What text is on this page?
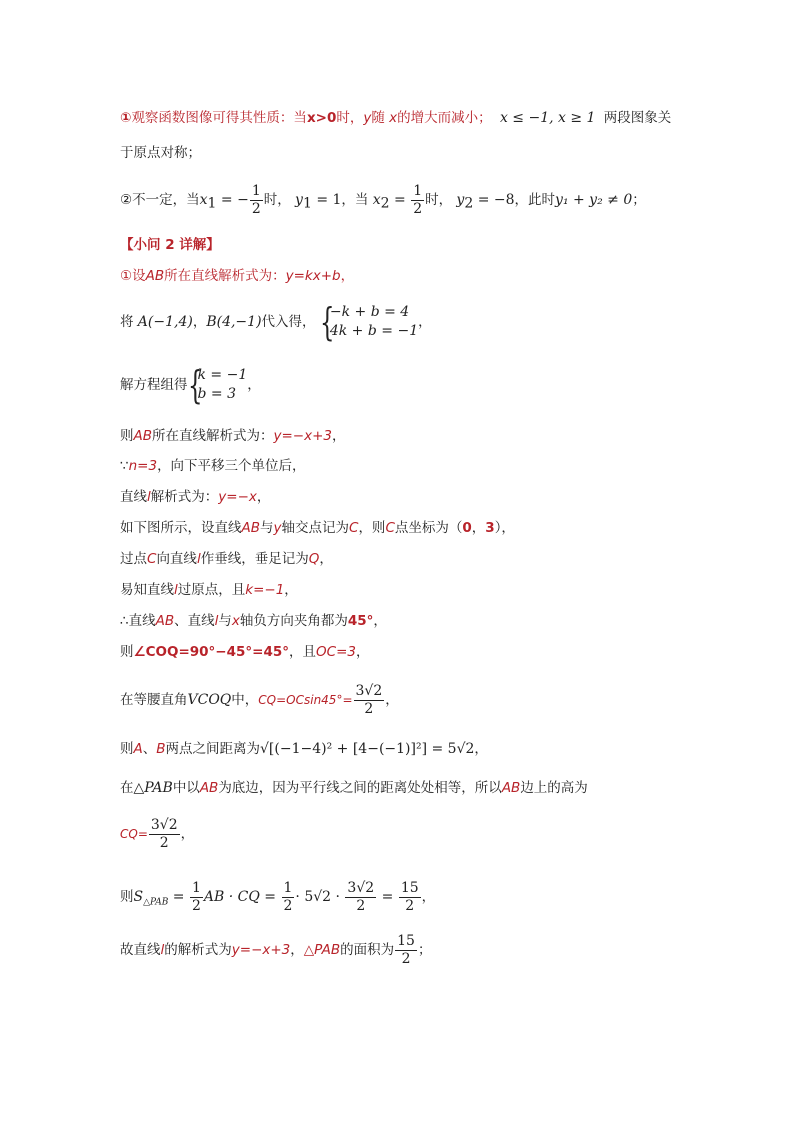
①观察函数图像可得其性质：当x>0时，y随 x的增大而减小； x ≤ −1, x ≥ 1 两段图象关
于原点对称；
②不一定，当$x_1$ = − $\frac{1}{2}$ 时， $y_1 = 1$，当 $x_2 = \frac{1}{2}$ 时， $y_2 = -8$，此时y₁ + y₂ ≠ 0；
【小问 2 详解】
①设AB所在直线解析式为：y=kx+b，
将 A(−1,4)，B(4,−1)代入得， {
−k + b = 4
4k + b = −1
，
解方程组得 {
k = −1
b = 3
，
则AB所在直线解析式为：y=−x+3，
∵n=3，向下平移三个单位后，
直线l解析式为：y=−x，
如下图所示，设直线AB与y轴交点记为C，则C点坐标为（0，3），
过点C向直线l作垂线，垂足记为Q，
易知直线l过原点，且k=−1，
∴直线AB、直线l与x轴负方向夹角都为45°，
则∠COQ=90°−45°=45°，且OC=3，
在等腰直角VCOQ中，$CQ=OCsin45^\circ= \frac{3√2}{2}$ ，
则A、B两点之间距离为√[(−1−4)² + [4−(−1)]²] = 5√2，
在△PAB中以AB为底边，因为平行线之间的距离处处相等，所以AB边上的高为
$CQ= \frac{3√2}{2}$ ，
则$S_{\triangle PAB} = \frac{1}{2}$ AB · CQ = $\frac{1}{2} \cdot 5√2 \cdot \frac{3√2}{2} = \frac{15}{2}$ ，
故直线l的解析式为y=−x+3，△PAB的面积为 $\frac{15}{2}$ ；
